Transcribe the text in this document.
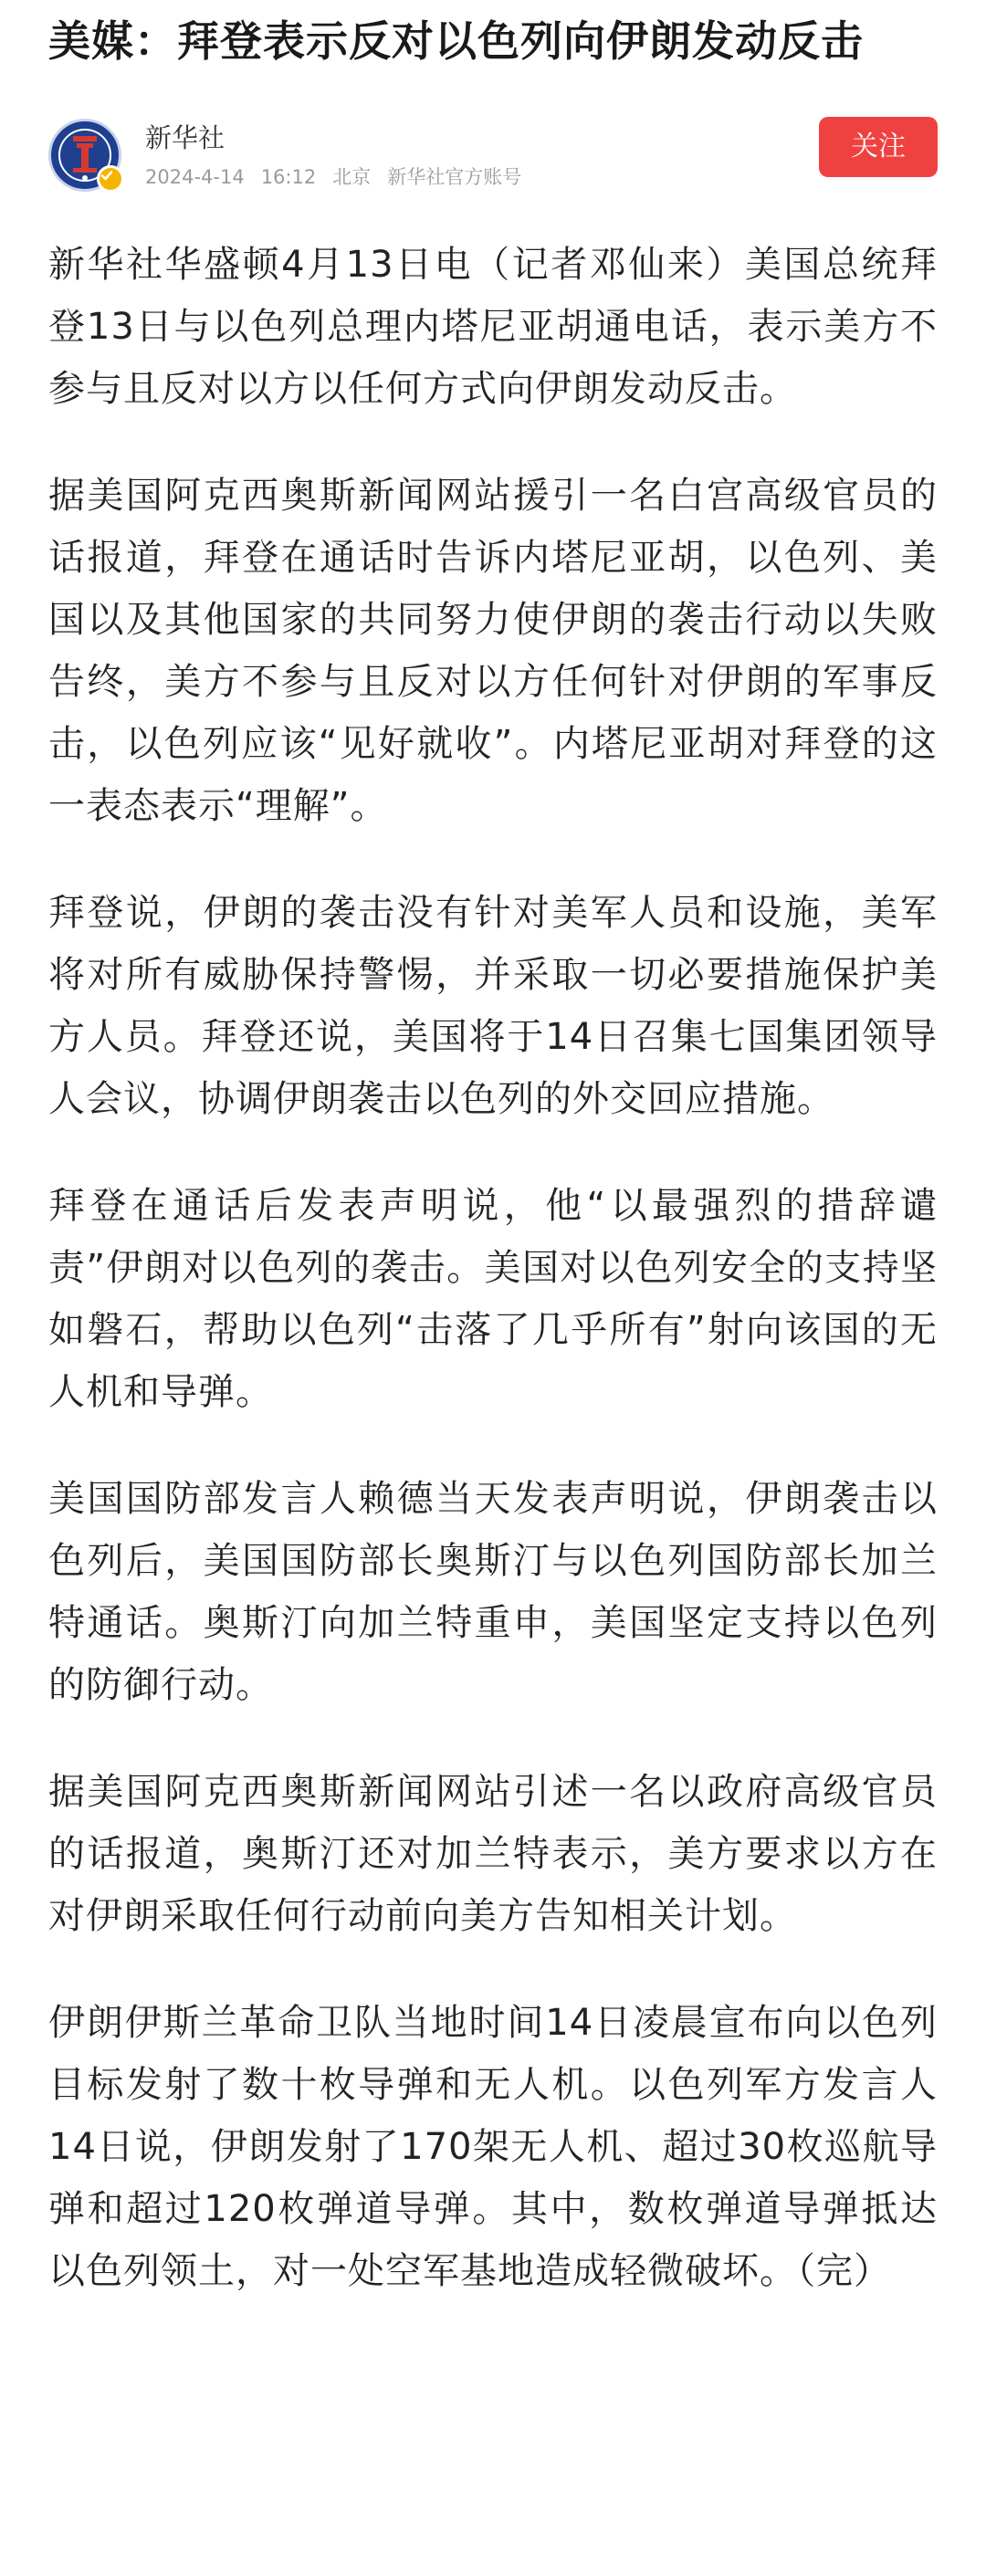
美媒：拜登表示反对以色列向伊朗发动反击
新华社
2024-4-14 16:12 北京 新华社官方账号
关注

新华社华盛顿4月13日电（记者邓仙来）美国总统拜登13日与以色列总理内塔尼亚胡通电话，表示美方不参与且反对以方以任何方式向伊朗发动反击。

据美国阿克西奥斯新闻网站援引一名白宫高级官员的话报道，拜登在通话时告诉内塔尼亚胡，以色列、美国以及其他国家的共同努力使伊朗的袭击行动以失败告终，美方不参与且反对以方任何针对伊朗的军事反击，以色列应该“见好就收”。内塔尼亚胡对拜登的这一表态表示“理解”。

拜登说，伊朗的袭击没有针对美军人员和设施，美军将对所有威胁保持警惕，并采取一切必要措施保护美方人员。拜登还说，美国将于14日召集七国集团领导人会议，协调伊朗袭击以色列的外交回应措施。

拜登在通话后发表声明说，他“以最强烈的措辞谴责”伊朗对以色列的袭击。美国对以色列安全的支持坚如磐石，帮助以色列“击落了几乎所有”射向该国的无人机和导弹。

美国国防部发言人赖德当天发表声明说，伊朗袭击以色列后，美国国防部长奥斯汀与以色列国防部长加兰特通话。奥斯汀向加兰特重申，美国坚定支持以色列的防御行动。

据美国阿克西奥斯新闻网站引述一名以政府高级官员的话报道，奥斯汀还对加兰特表示，美方要求以方在对伊朗采取任何行动前向美方告知相关计划。

伊朗伊斯兰革命卫队当地时间14日凌晨宣布向以色列目标发射了数十枚导弹和无人机。以色列军方发言人14日说，伊朗发射了170架无人机、超过30枚巡航导弹和超过120枚弹道导弹。其中，数枚弹道导弹抵达以色列领土，对一处空军基地造成轻微破坏。（完）
